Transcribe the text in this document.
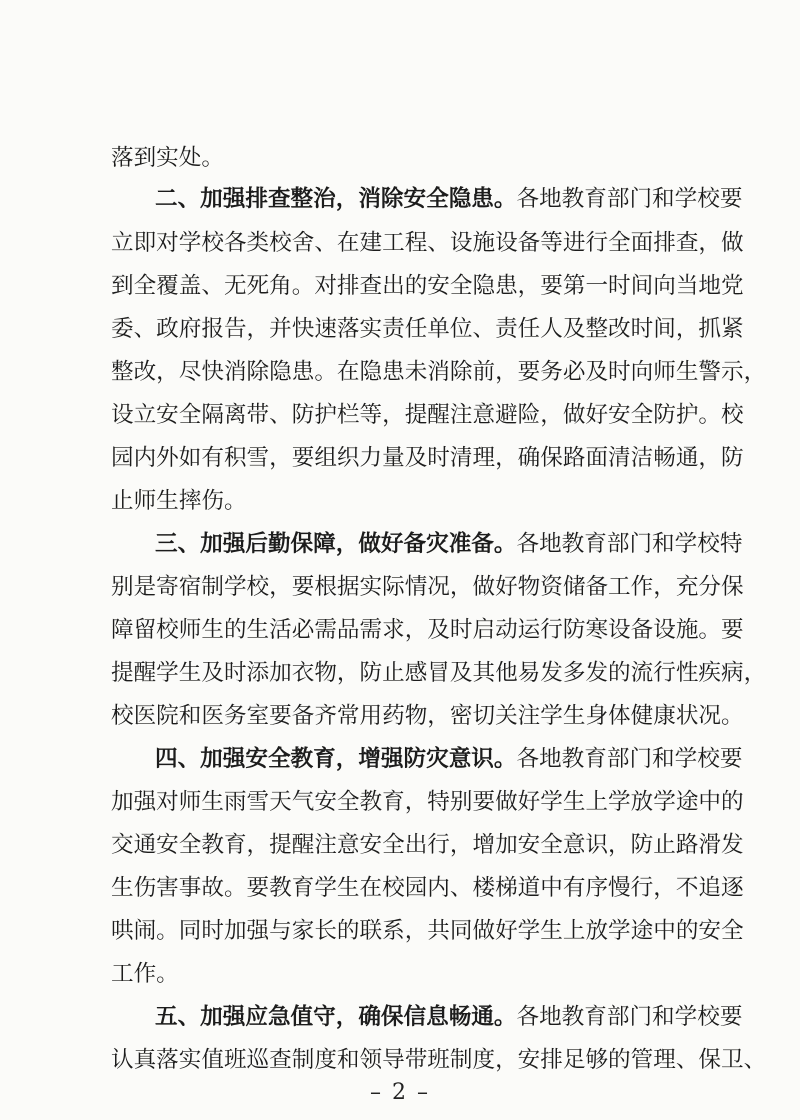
落到实处。
二、加强排查整治，消除安全隐患。各地教育部门和学校要
立即对学校各类校舍、在建工程、设施设备等进行全面排查，做
到全覆盖、无死角。对排查出的安全隐患，要第一时间向当地党
委、政府报告，并快速落实责任单位、责任人及整改时间，抓紧
整改，尽快消除隐患。在隐患未消除前，要务必及时向师生警示，
设立安全隔离带、防护栏等，提醒注意避险，做好安全防护。校
园内外如有积雪，要组织力量及时清理，确保路面清洁畅通，防
止师生摔伤。
三、加强后勤保障，做好备灾准备。各地教育部门和学校特
别是寄宿制学校，要根据实际情况，做好物资储备工作，充分保
障留校师生的生活必需品需求，及时启动运行防寒设备设施。要
提醒学生及时添加衣物，防止感冒及其他易发多发的流行性疾病，
校医院和医务室要备齐常用药物，密切关注学生身体健康状况。
四、加强安全教育，增强防灾意识。各地教育部门和学校要
加强对师生雨雪天气安全教育，特别要做好学生上学放学途中的
交通安全教育，提醒注意安全出行，增加安全意识，防止路滑发
生伤害事故。要教育学生在校园内、楼梯道中有序慢行，不追逐
哄闹。同时加强与家长的联系，共同做好学生上放学途中的安全
工作。
五、加强应急值守，确保信息畅通。各地教育部门和学校要
认真落实值班巡查制度和领导带班制度，安排足够的管理、保卫、
– 2 –
